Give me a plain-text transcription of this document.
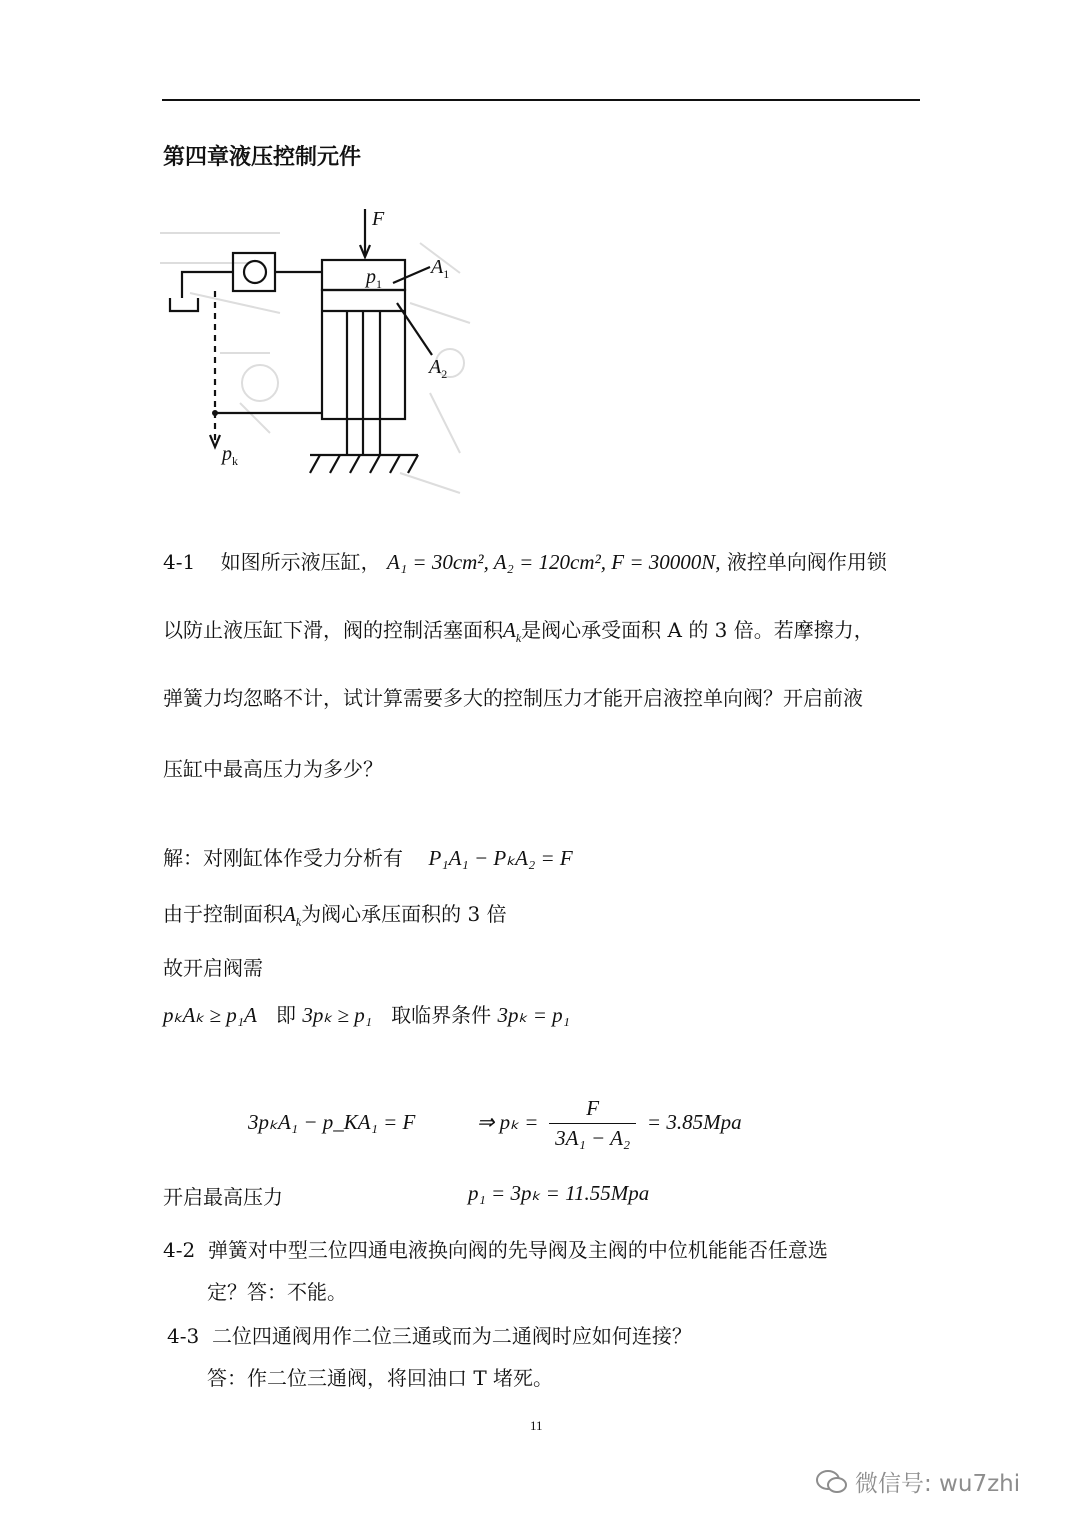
第四章液压控制元件
F
$p_1$
$A_1$
$A_2$
$p_k$
4-1 如图所示液压缸， A₁ = 30cm², A₂ = 120cm², F = 30000N, 液控单向阀作用锁
以防止液压缸下滑，阀的控制活塞面积$A_k$是阀心承受面积 A 的 3 倍。若摩擦力，
弹簧力均忽略不计，试计算需要多大的控制压力才能开启液控单向阀？开启前液
压缸中最高压力为多少？
解：对刚缸体作受力分析有 P₁A₁ − PₖA₂ = F
由于控制面积$A_k$为阀心承压面积的 3 倍
故开启阀需
pₖAₖ ≥ p₁A 即 3pₖ ≥ p₁ 取临界条件 3pₖ = p₁
3pₖA₁ − p_KA₁ = F	⇒ $p_k = \frac{F}{\text{3A₁ − A₂}} = 3.85Mpa$
开启最高压力	p₁ = 3pₖ = 11.55Mpa
4-2 弹簧对中型三位四通电液换向阀的先导阀及主阀的中位机能能否任意选
定？答：不能。
4-3 二位四通阀用作二位三通或而为二通阀时应如何连接？
答：作二位三通阀，将回油口 T 堵死。
11
微信号: wu7zhi
